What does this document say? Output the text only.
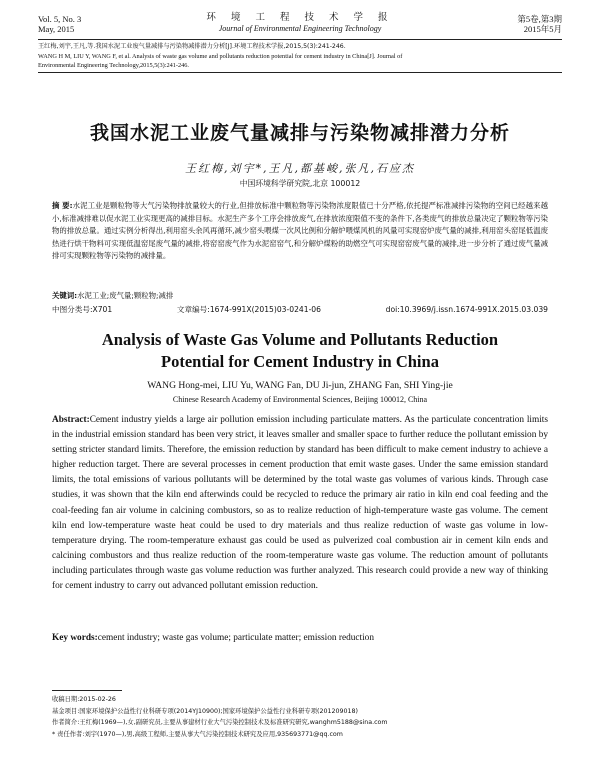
Vol. 5, No. 3
May, 2015
环 境 工 程 技 术 学 报
Journal of Environmental Engineering Technology
第5卷,第3期
2015年5月
王红梅,刘宇,王凡,等.我国水泥工业废气量减排与污染物减排潜力分析[J].环境工程技术学报,2015,5(3):241-246.
WANG H M, LIU Y, WANG F, et al. Analysis of waste gas volume and pollutants reduction potential for cement industry in China[J]. Journal of
Environmental Engineering Technology,2015,5(3):241-246.
我国水泥工业废气量减排与污染物减排潜力分析
王红梅,刘宇*,王凡,都基峻,张凡,石应杰
中国环境科学研究院,北京 100012
摘 要:水泥工业是颗粒物等大气污染物排放量较大的行业,但排放标准中颗粒物等污染物浓度限值已十分严格,依托提严标准减排污染物的空间已经越来越小,标准减排难以促水泥工业实现更高的减排目标。水泥生产多个工序会排放废气,在排放浓度限值不变的条件下,各类废气的排放总量决定了颗粒物等污染物的排放总量。通过实例分析得出,利用窑头余风再循环,减少窑头喂煤一次风比例和分解炉喂煤风机的风量可实现窑炉废气量的减排,利用窑头窑尾低温废热进行烘干物料可实现低温窑尾废气量的减排,将窑窑废气作为水泥窑窑气,和分解炉煤粉的助燃空气可实现窑窑废气量的减排,进一步分析了通过废气量减排可实现颗粒物等污染物的减排量。
关键词:水泥工业;废气量;颗粒物;减排
中图分类号:X701	文章编号:1674-991X(2015)03-0241-06	doi:10.3969/j.issn.1674-991X.2015.03.039
Analysis of Waste Gas Volume and Pollutants Reduction
Potential for Cement Industry in China
WANG Hong-mei, LIU Yu, WANG Fan, DU Ji-jun, ZHANG Fan, SHI Ying-jie
Chinese Research Academy of Environmental Sciences, Beijing 100012, China
Abstract:Cement industry yields a large air pollution emission including particulate matters. As the particulate concentration limits in the industrial emission standard has been very strict, it leaves smaller and smaller space to further reduce the pollutant emission by setting stricter standard limits. Therefore, the emission reduction by standard has been difficult to make cement industry to achieve a higher reduction target. There are several processes in cement production that emit waste gases. Under the same emission standard limits, the total emissions of various pollutants will be determined by the total waste gas volumes of various kinds. Through case studies, it was shown that the kiln end afterwinds could be recycled to reduce the primary air ratio in kiln end coal feeding and the coal-feeding fan air volume in calcining combustors, so as to realize reduction of high-temperature waste gas volume. The cement kiln end low-temperature waste heat could be used to dry materials and thus realize reduction of waste gas volume in low-temperature drying. The room-temperature exhaust gas could be used as pulverized coal combustion air in cement kiln ends and calcining combustors and thus realize reduction of the room-temperature waste gas volume. The reduction amount of pollutants including particulates through waste gas volume reduction was further analyzed. This research could provide a new way of thinking for cement industry to carry out advanced pollutant emission reduction.
Key words:cement industry; waste gas volume; particulate matter; emission reduction
收稿日期:2015-02-26
基金项目:国家环境保护公益性行业科研专项(2014YJ10900);国家环境保护公益性行业科研专项(201209018)
作者简介:王红梅(1969—),女,副研究员,主要从事建材行业大气污染控制技术及标准研究研究,wanghm5188@sina.com
* 责任作者:刘宇(1970—),男,高级工程师,主要从事大气污染控制技术研究及应用,935693771@qq.com
